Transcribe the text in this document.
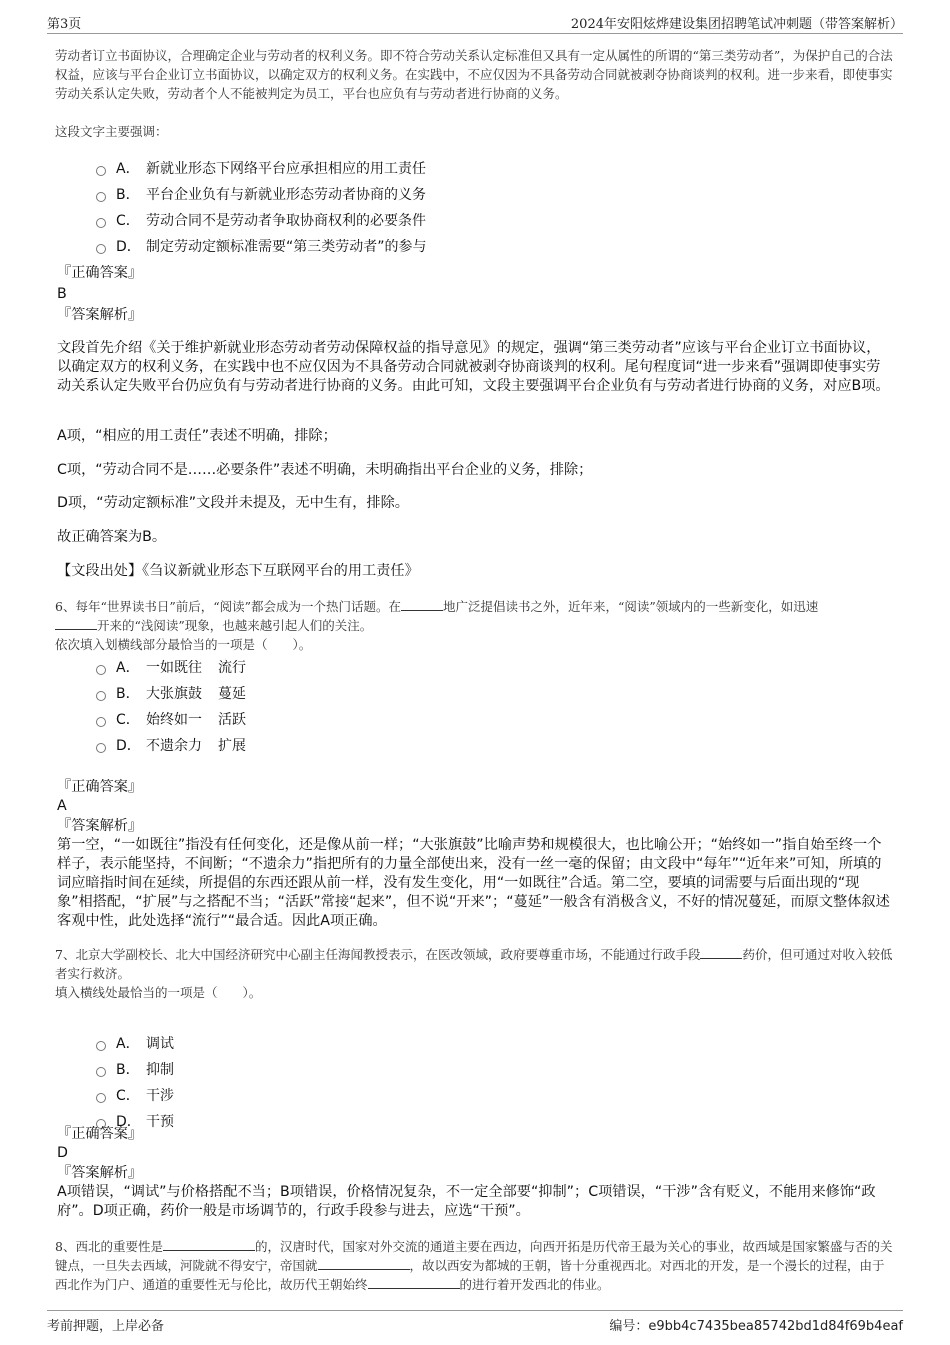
第3页	2024年安阳炫烨建设集团招聘笔试冲刺题（带答案解析）
劳动者订立书面协议，合理确定企业与劳动者的权利义务。即不符合劳动关系认定标准但又具有一定从属性的所谓的“第三类劳动者”，为保护自己的合法权益，应该与平台企业订立书面协议，以确定双方的权利义务。在实践中，不应仅因为不具备劳动合同就被剥夺协商谈判的权利。进一步来看，即使事实劳动关系认定失败，劳动者个人不能被判定为员工，平台也应负有与劳动者进行协商的义务。
这段文字主要强调：
A． 新就业形态下网络平台应承担相应的用工责任
B． 平台企业负有与新就业形态劳动者协商的义务
C． 劳动合同不是劳动者争取协商权利的必要条件
D． 制定劳动定额标准需要“第三类劳动者”的参与
『正确答案』
B
『答案解析』
文段首先介绍《关于维护新就业形态劳动者劳动保障权益的指导意见》的规定，强调“第三类劳动者”应该与平台企业订立书面协议，以确定双方的权利义务，在实践中也不应仅因为不具备劳动合同就被剥夺协商谈判的权利。尾句程度词“进一步来看”强调即使事实劳动关系认定失败平台仍应负有与劳动者进行协商的义务。由此可知，文段主要强调平台企业负有与劳动者进行协商的义务，对应B项。
A项，“相应的用工责任”表述不明确，排除；
C项，“劳动合同不是……必要条件”表述不明确，未明确指出平台企业的义务，排除；
D项，“劳动定额标准”文段并未提及，无中生有，排除。
故正确答案为B。
【文段出处】《刍议新就业形态下互联网平台的用工责任》
6、每年“世界读书日”前后，“阅读”都会成为一个热门话题。在	地广泛提倡读书之外，近年来，“阅读”领域内的一些新变化，如迅速
开来的“浅阅读”现象，也越来越引起人们的关注。
依次填入划横线部分最恰当的一项是（　　）。
A． 一如既往 流行
B． 大张旗鼓 蔓延
C． 始终如一 活跃
D． 不遗余力 扩展
『正确答案』
A
『答案解析』
第一空，“一如既往”指没有任何变化，还是像从前一样；“大张旗鼓”比喻声势和规模很大，也比喻公开；“始终如一”指自始至终一个样子，表示能坚持，不间断；“不遗余力”指把所有的力量全部使出来，没有一丝一毫的保留；由文段中“每年”“近年来”可知，所填的词应暗指时间在延续，所提倡的东西还跟从前一样，没有发生变化，用“一如既往”合适。第二空，要填的词需要与后面出现的“现象”相搭配，“扩展”与之搭配不当；“活跃”常接“起来”，但不说“开来”；“蔓延”一般含有消极含义，不好的情况蔓延，而原文整体叙述客观中性，此处选择“流行”“最合适。因此A项正确。
7、北京大学副校长、北大中国经济研究中心副主任海闻教授表示，在医改领域，政府要尊重市场，不能通过行政手段	药价，但可通过对收入较低者实行救济。
填入横线处最恰当的一项是（　　）。
A． 调试
B． 抑制
C． 干涉
D． 干预
『正确答案』
D
『答案解析』
A项错误，“调试”与价格搭配不当；B项错误，价格情况复杂，不一定全部要“抑制”；C项错误，“干涉”含有贬义，不能用来修饰“政府”。D项正确，药价一般是市场调节的，行政手段参与进去，应选“干预”。
8、西北的重要性是	的，汉唐时代，国家对外交流的通道主要在西边，向西开拓是历代帝王最为关心的事业，故西域是国家繁盛与否的关键点，一旦失去西域，河陇就不得安宁，帝国就	，故以西安为都城的王朝，皆十分重视西北。对西北的开发，是一个漫长的过程，由于西北作为门户、通道的重要性无与伦比，故历代王朝始终	的进行着开发西北的伟业。
考前押题，上岸必备	编号：e9bb4c7435bea85742bd1d84f69b4eaf
